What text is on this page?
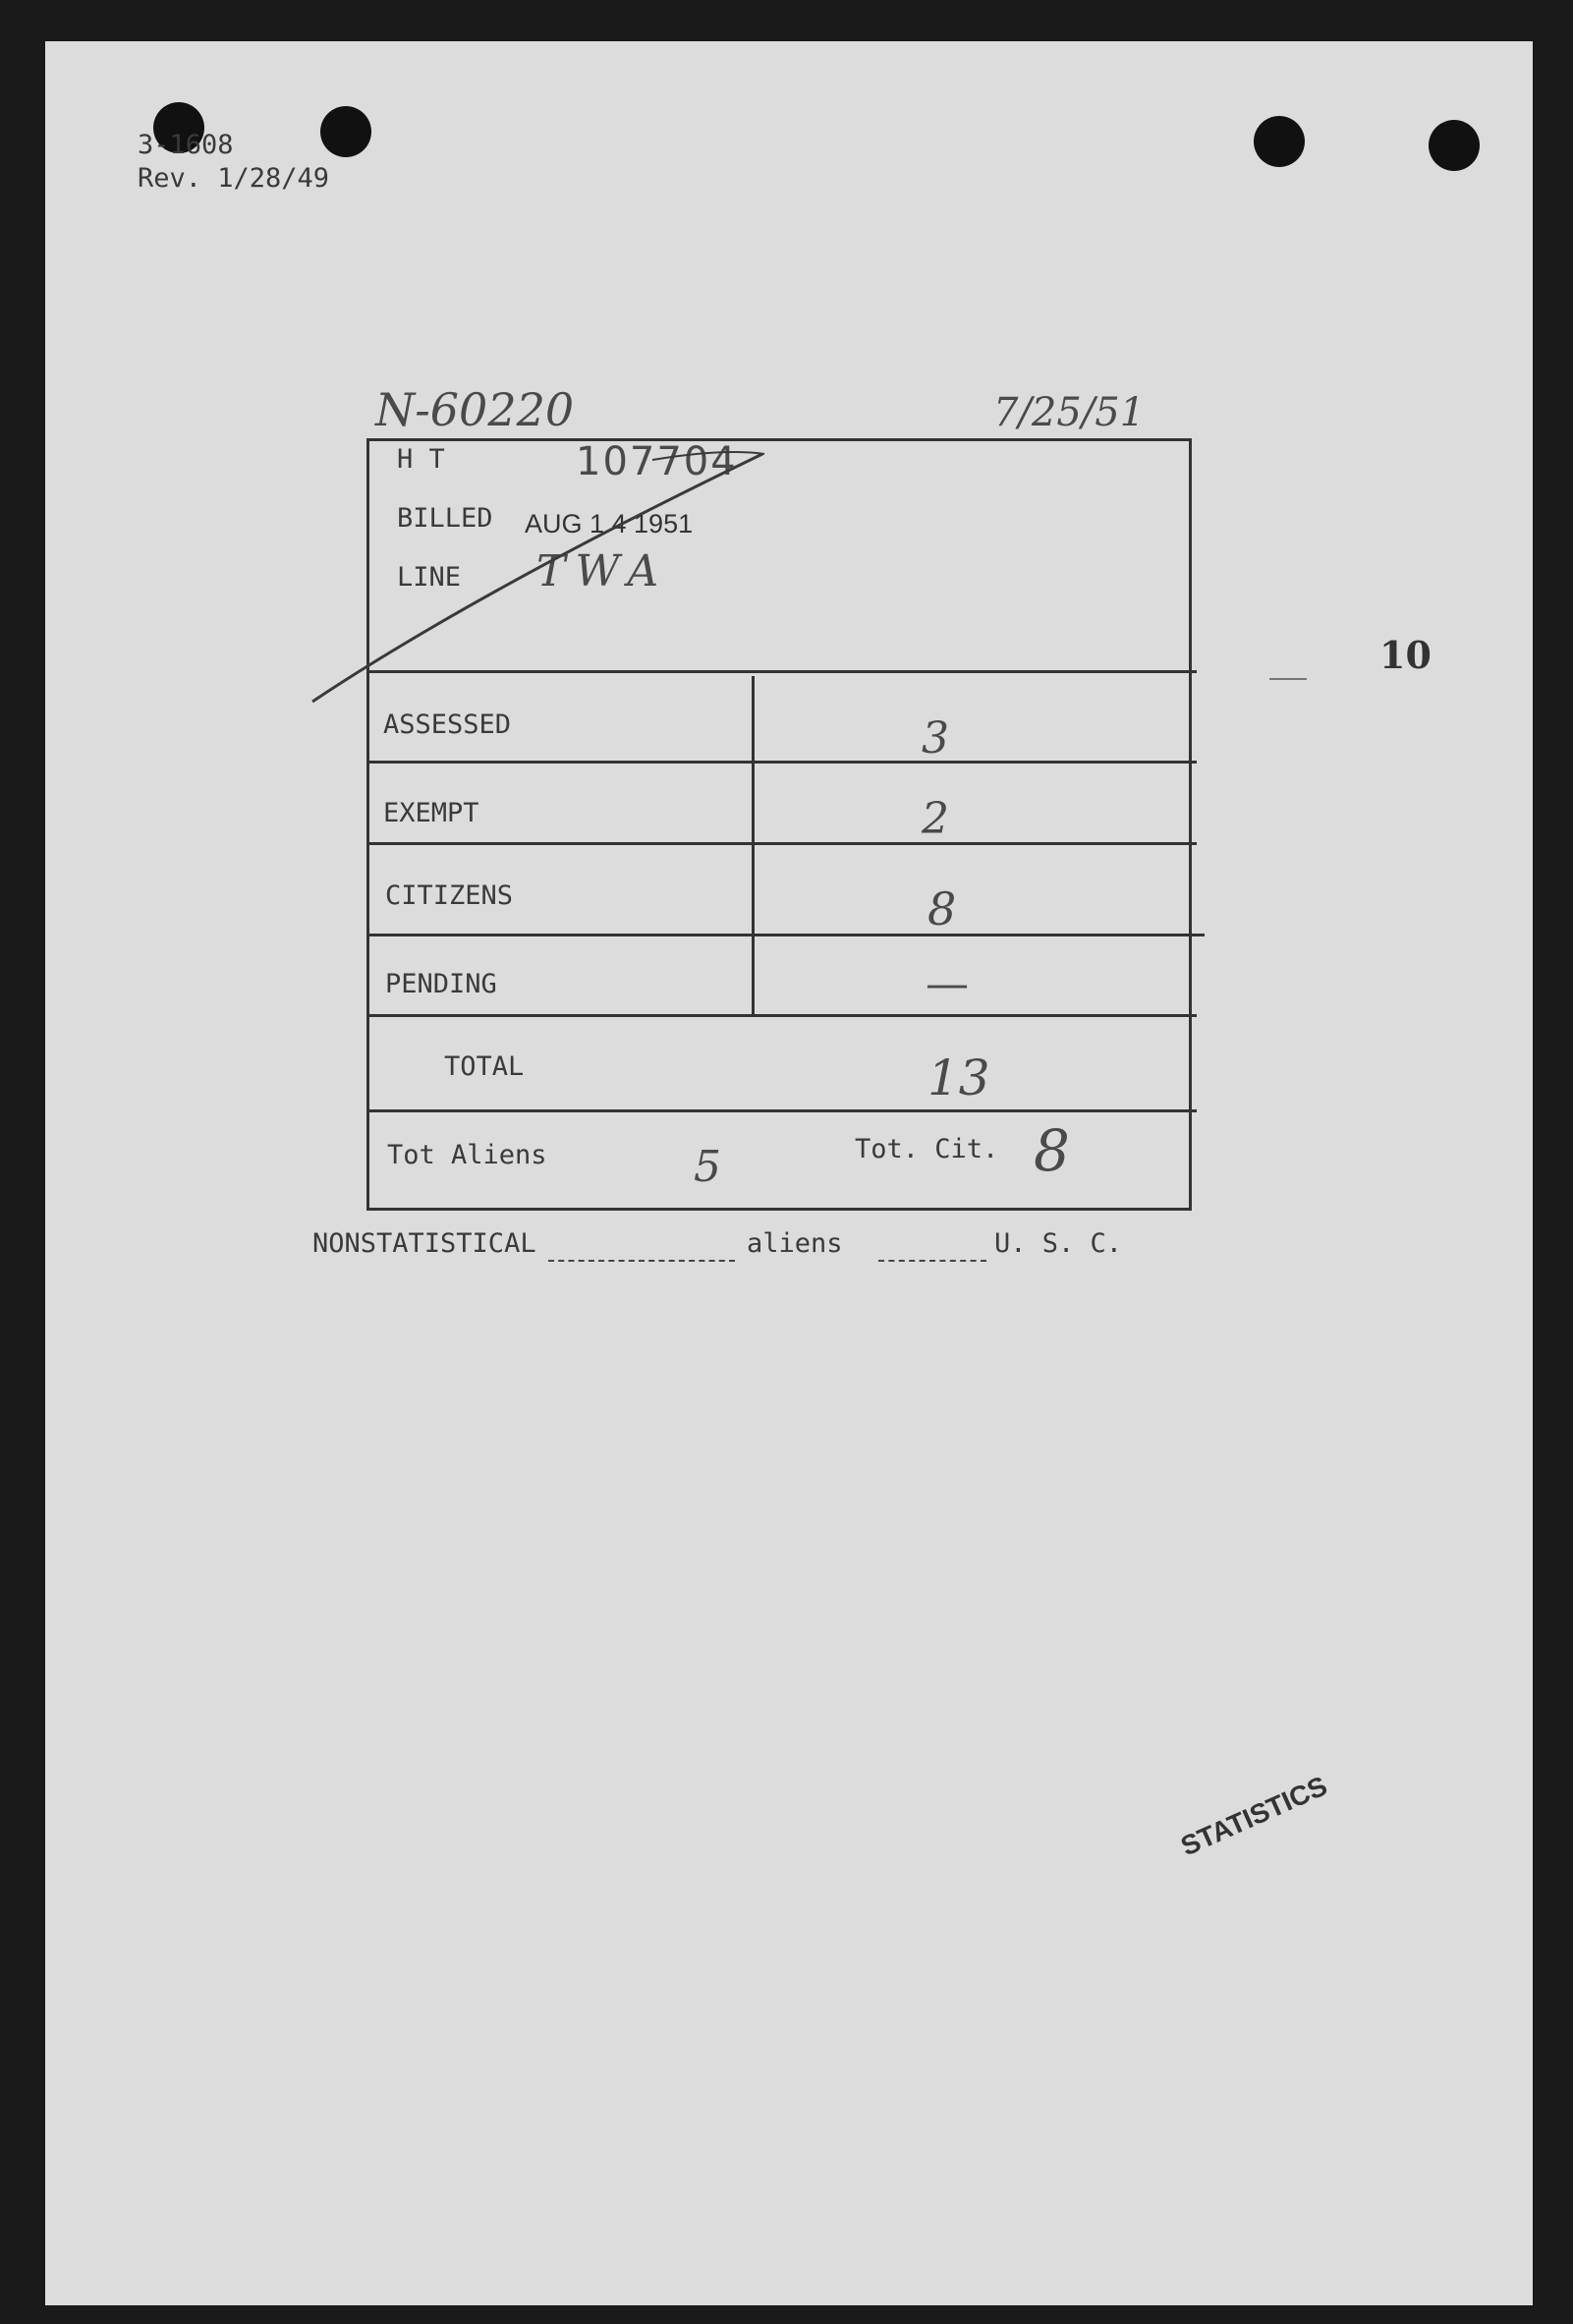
3-1608
Rev. 1/28/49
N-60220	7/25/51
10
H T	107704
BILLED AUG 1 4 1951
LINE TWA
ASSESSED	3
EXEMPT	2
CITIZENS	8
PENDING	—
TOTAL	13
Tot Aliens	5	Tot. Cit. 8
NONSTATISTICAL	aliens	U. S. C.
STATISTICS
